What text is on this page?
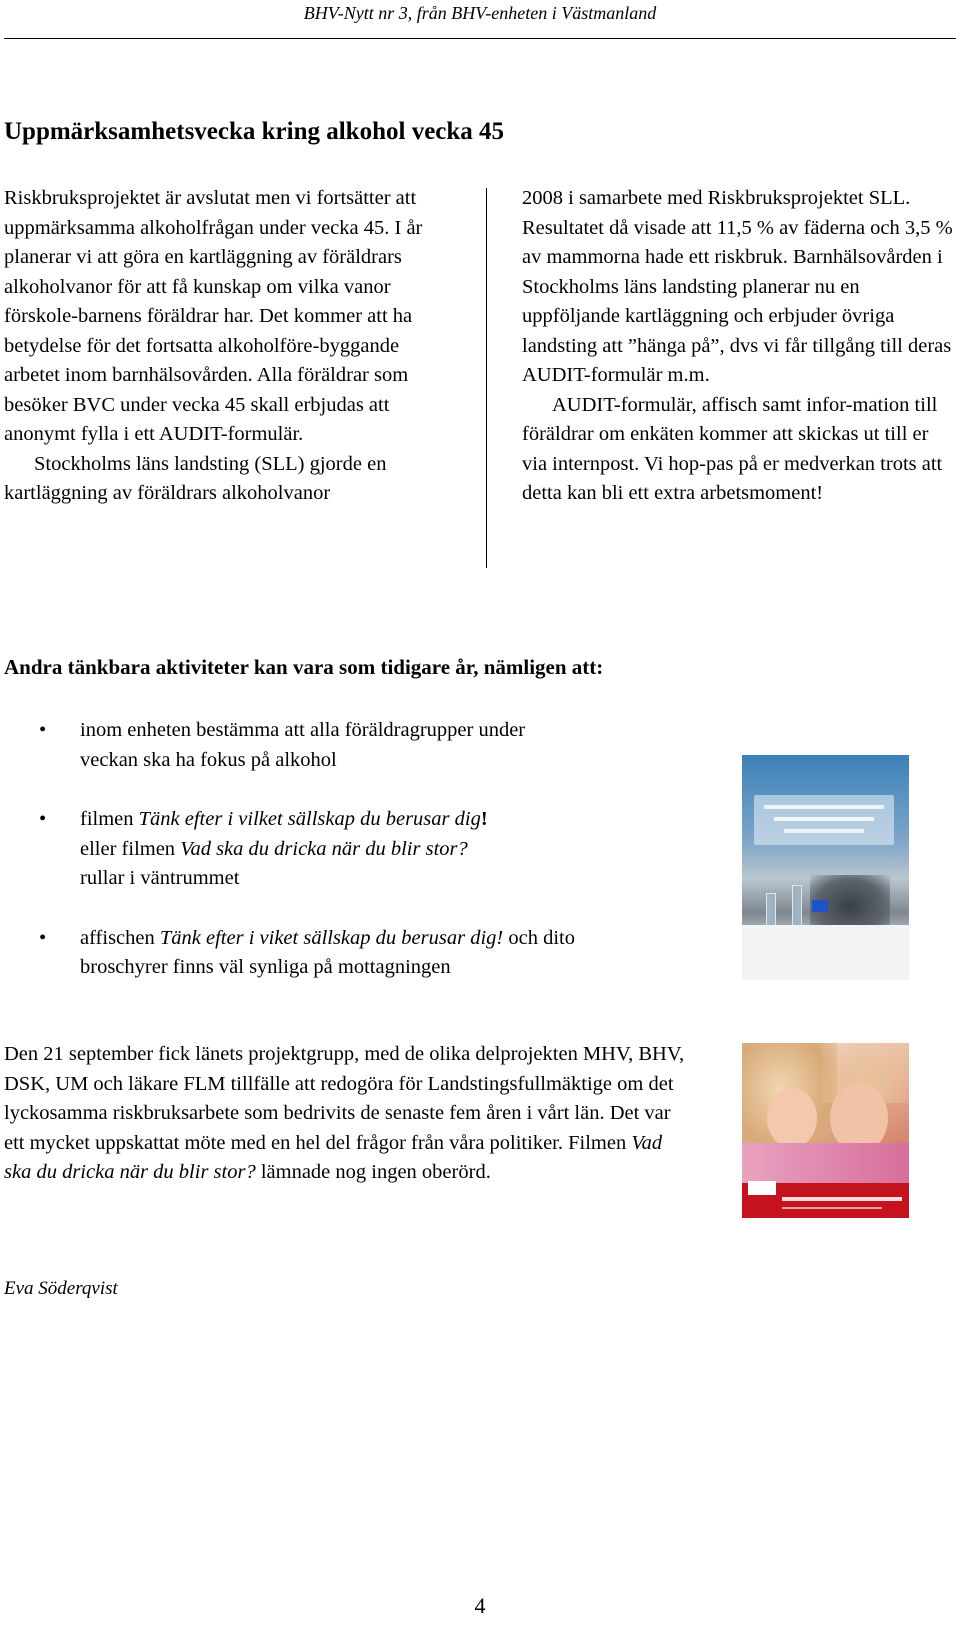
BHV-Nytt nr 3, från BHV-enheten i Västmanland
Uppmärksamhetsvecka kring alkohol vecka 45

Riskbruksprojektet är avslutat men vi fortsätter att uppmärksamma alkoholfrågan under vecka 45. I år planerar vi att göra en kartläggning av föräldrars alkoholvanor för att få kunskap om vilka vanor förskole-barnens föräldrar har. Det kommer att ha betydelse för det fortsatta alkoholföre-byggande arbetet inom barnhälsovården. Alla föräldrar som besöker BVC under vecka 45 skall erbjudas att anonymt fylla i ett AUDIT-formulär.

Stockholms läns landsting (SLL) gjorde en kartläggning av föräldrars alkoholvanor

2008 i samarbete med Riskbruksprojektet SLL. Resultatet då visade att 11,5 % av fäderna och 3,5 % av mammorna hade ett riskbruk. Barnhälsovården i Stockholms läns landsting planerar nu en uppföljande kartläggning och erbjuder övriga landsting att ”hänga på”, dvs vi får tillgång till deras AUDIT-formulär m.m.

AUDIT-formulär, affisch samt infor-mation till föräldrar om enkäten kommer att skickas ut till er via internpost. Vi hop-pas på er medverkan trots att detta kan bli ett extra arbetsmoment!

Andra tänkbara aktiviteter kan vara som tidigare år, nämligen att:
• inom enheten bestämma att alla föräldragrupper under veckan ska ha fokus på alkohol
• filmen Tänk efter i vilket sällskap du berusar dig!
eller filmen Vad ska du dricka när du blir stor?
rullar i väntrummet
• affischen Tänk efter i viket sällskap du berusar dig! och dito broschyrer finns väl synliga på mottagningen

Den 21 september fick länets projektgrupp, med de olika delprojekten MHV, BHV, DSK, UM och läkare FLM tillfälle att redogöra för Landstingsfullmäktige om det lyckosamma riskbruksarbete som bedrivits de senaste fem åren i vårt län. Det var ett mycket uppskattat möte med en hel del frågor från våra politiker. Filmen Vad ska du dricka när du blir stor? lämnade nog ingen oberörd.

Eva Söderqvist

4
